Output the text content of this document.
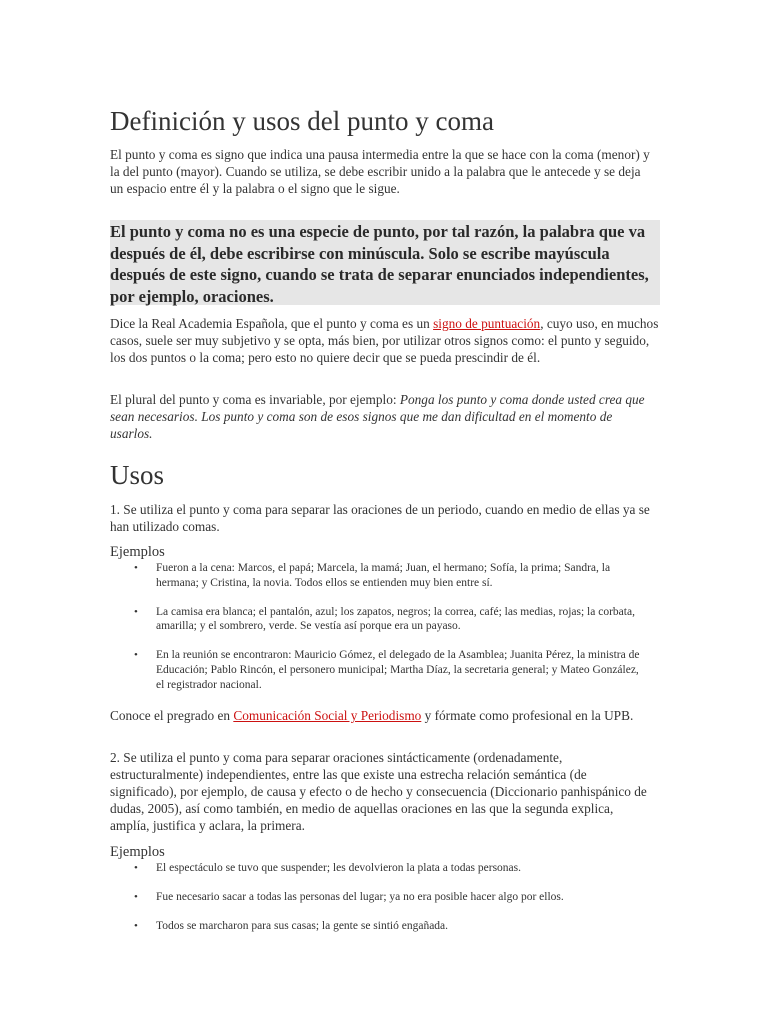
Definición y usos del punto y coma

El punto y coma es signo que indica una pausa intermedia entre la que se hace con la coma (menor) y la del punto (mayor). Cuando se utiliza, se debe escribir unido a la palabra que le antecede y se deja un espacio entre él y la palabra o el signo que le sigue.

El punto y coma no es una especie de punto, por tal razón, la palabra que va después de él, debe escribirse con minúscula. Solo se escribe mayúscula después de este signo, cuando se trata de separar enunciados independientes, por ejemplo, oraciones.

Dice la Real Academia Española, que el punto y coma es un signo de puntuación, cuyo uso, en muchos casos, suele ser muy subjetivo y se opta, más bien, por utilizar otros signos como: el punto y seguido, los dos puntos o la coma; pero esto no quiere decir que se pueda prescindir de él.

El plural del punto y coma es invariable, por ejemplo: Ponga los punto y coma donde usted crea que sean necesarios. Los punto y coma son de esos signos que me dan dificultad en el momento de usarlos.

Usos

1. Se utiliza el punto y coma para separar las oraciones de un periodo, cuando en medio de ellas ya se han utilizado comas.

Ejemplos
• Fueron a la cena: Marcos, el papá; Marcela, la mamá; Juan, el hermano; Sofía, la prima; Sandra, la hermana; y Cristina, la novia. Todos ellos se entienden muy bien entre sí.
• La camisa era blanca; el pantalón, azul; los zapatos, negros; la correa, café; las medias, rojas; la corbata, amarilla; y el sombrero, verde. Se vestía así porque era un payaso.
• En la reunión se encontraron: Mauricio Gómez, el delegado de la Asamblea; Juanita Pérez, la ministra de Educación; Pablo Rincón, el personero municipal; Martha Díaz, la secretaria general; y Mateo González, el registrador nacional.

Conoce el pregrado en Comunicación Social y Periodismo y fórmate como profesional en la UPB.

2. Se utiliza el punto y coma para separar oraciones sintácticamente (ordenadamente, estructuralmente) independientes, entre las que existe una estrecha relación semántica (de significado), por ejemplo, de causa y efecto o de hecho y consecuencia (Diccionario panhispánico de dudas, 2005), así como también, en medio de aquellas oraciones en las que la segunda explica, amplía, justifica y aclara, la primera.

Ejemplos
• El espectáculo se tuvo que suspender; les devolvieron la plata a todas personas.
• Fue necesario sacar a todas las personas del lugar; ya no era posible hacer algo por ellos.
• Todos se marcharon para sus casas; la gente se sintió engañada.
